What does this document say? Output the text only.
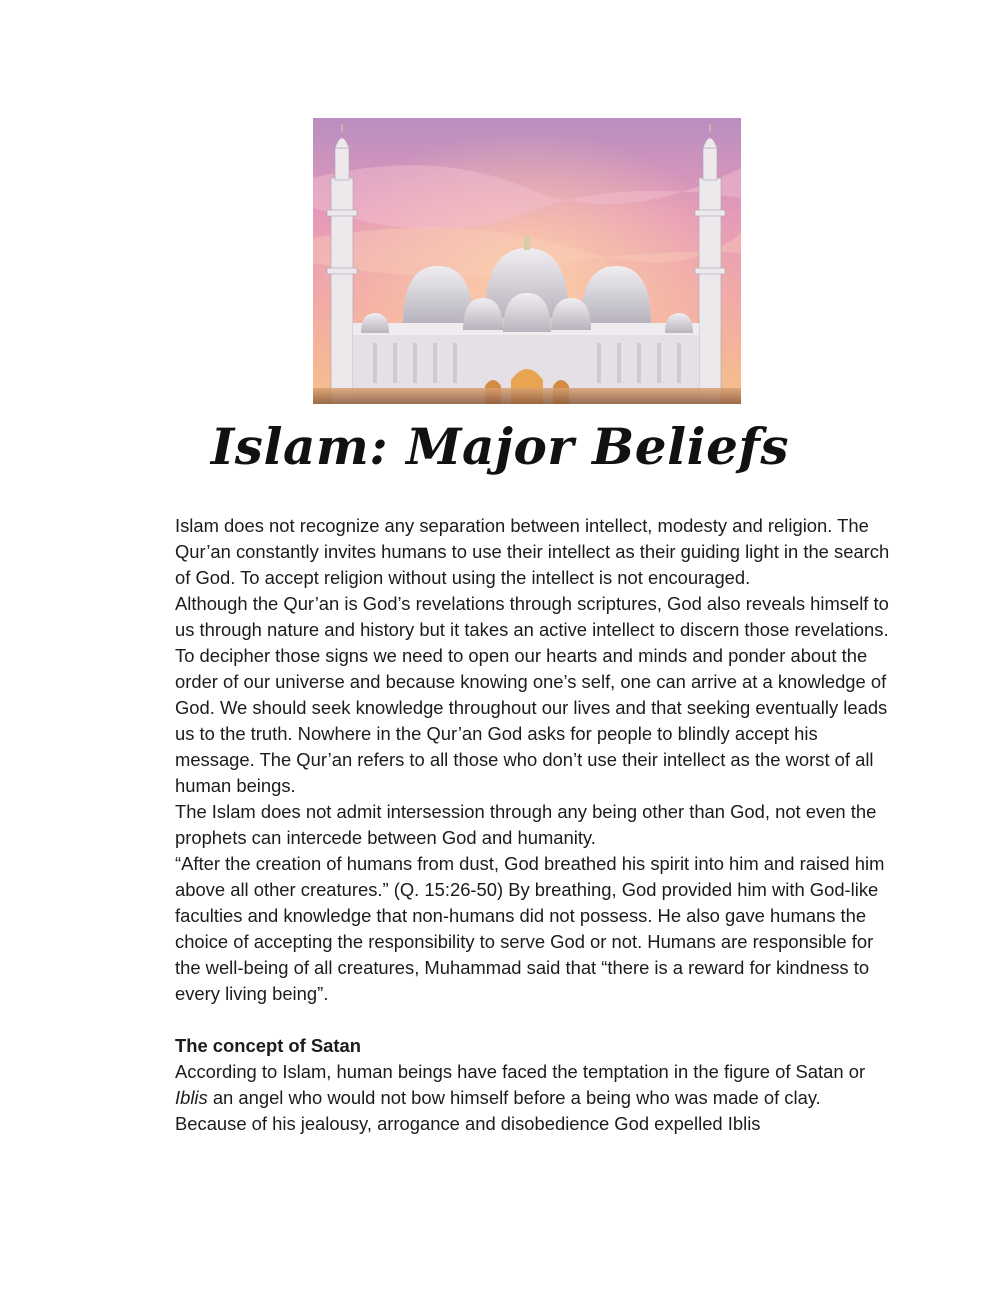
Islam: Major Beliefs

Islam does not recognize any separation between intellect, modesty and religion. The Qur’an constantly invites humans to use their intellect as their guiding light in the search of God. To accept religion without using the intellect is not encouraged.

Although the Qur’an is God’s revelations through scriptures, God also reveals himself to us through nature and history but it takes an active intellect to discern those revelations. To decipher those signs we need to open our hearts and minds and ponder about the order of our universe and because knowing one’s self, one can arrive at a knowledge of God. We should seek knowledge throughout our lives and that seeking eventually leads us to the truth. Nowhere in the Qur’an God asks for people to blindly accept his message. The Qur’an refers to all those who don’t use their intellect as the worst of all human beings.

The Islam does not admit intersession through any being other than God, not even the prophets can intercede between God and humanity.

“After the creation of humans from dust, God breathed his spirit into him and raised him above all other creatures.” (Q. 15:26-50) By breathing, God provided him with God-like faculties and knowledge that non-humans did not possess. He also gave humans the choice of accepting the responsibility to serve God or not. Humans are responsible for the well-being of all creatures, Muhammad said that “there is a reward for kindness to every living being”.

The concept of Satan

According to Islam, human beings have faced the temptation in the figure of Satan or Iblis an angel who would not bow himself before a being who was made of clay. Because of his jealousy, arrogance and disobedience God expelled Iblis
